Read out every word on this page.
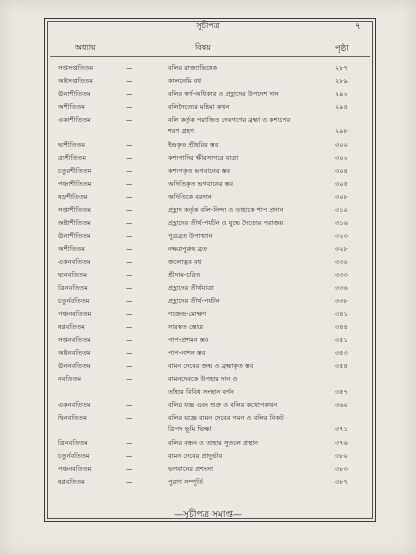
সূচীপত্র	৭
অধ্যায়	বিষয়	পৃষ্ঠা
সপ্তসপ্ততিতম	—	বলির রাজ্যাভিষেক	২৮৭
অষ্টসপ্ততিতম	—	কালনেমি বধ	২৮৯
ঊনাশীতিতম	—	বলির স্বর্গ-অধিকার ও প্রহ্লাদের উপদেশ দান	২৯২
অশীতিতম	—	বলিদৈত্যের মহিমা কথন	২৯৫
একাশীতিতম	—	বলি কর্তৃক পরাজিত দেবগণের ব্রহ্মা ও কশ্যপের
শরণ গ্রহণ	২৯৮
দ্ব্যশীতিতম	—	ইন্দ্রকৃত শ্রীহরির স্তব	৩০০
ত্র্যশীতিতম	—	কশ্যপাদির ক্ষীরসাগরে যাত্রা	৩০২
চতুরশীতিতম	—	কশ্যপকৃত ভগবানের স্তব	৩০৪
পঞ্চাশীতিতম	—	অদিতিকৃত ভগবানের স্তব	৩০৫
ষড়শীতিতম	—	অদিতিকে বরদান	৩০৮
সপ্তাশীতিতম	—	প্রহ্লাদ কর্তৃক বলি-নিন্দা ও তাহাকে শাপ প্রদান	৩১০
অষ্টাশীতিতম	—	প্রহ্লাদের তীর্থ-পর্যটন ও যুদ্ধে দৈত্যের পরাজয়	৩১৬
ঊনাশীতিতম	—	পুত্রব্রত উপাখ্যান	৩২৩
অশীতিতম	—	নক্ষত্রপুরুষ ব্রত	৩২৮
একনবতিতম	—	জলোদ্ভব বধ	৩৩০
দ্ব্যনবতিতম	—	শ্রীদাম-চরিত	৩৩৩
ত্রিনবতিতম	—	প্রহ্লাদের তীর্থযাত্রা	৩৩৬
চতুর্নবতিতম	—	প্রহ্লাদের তীর্থ-পর্যটন	৩৩৮
পঞ্চনবতিতম	—	গজেন্দ্র-মোক্ষণ	৩৪১
ষণ্ণবতিতম	—	সারস্বত স্তোত্র	৩৪৪
সপ্তনবতিতম	—	পাপ-প্রশমন স্তব	৩৫১
অষ্টনবতিতম	—	পাপ-নাশন স্তব	৩৫৩
ঊননবতিতম	—	বামন দেবের জন্ম ও ব্রহ্মাকৃত স্তব	৩৫৪
নবতিতম	—	বামনদেবকে উপহার দান ও
তাঁহার বিবিধ সংস্থান বর্ণন	৩৫৭
একনবতিতম	—	বলির যজ্ঞ এবং শুক্র ও বলির কথোপকথন	৩৬০
দ্বিনবতিতম	—	বলির যজ্ঞে বামন দেবের গমন ও বলির নিকট
ত্রিপদ ভূমি ভিক্ষা	৩৭১
ত্রিনবতিতম	—	বলির বন্ধন ও তাহার সুতলে প্রস্থান	৩৭৬
চতুর্নবতিতম	—	বামন দেবের প্রাদুর্ভাব	৩৮০
পঞ্চনবতিতম	—	ভগবানের প্রশংসা	৩৮৩
ষণ্ণবতিতম	—	পুরাণ সম্পূর্তি	৩৮৭
—সূচীপত্র সমাপ্ত—
